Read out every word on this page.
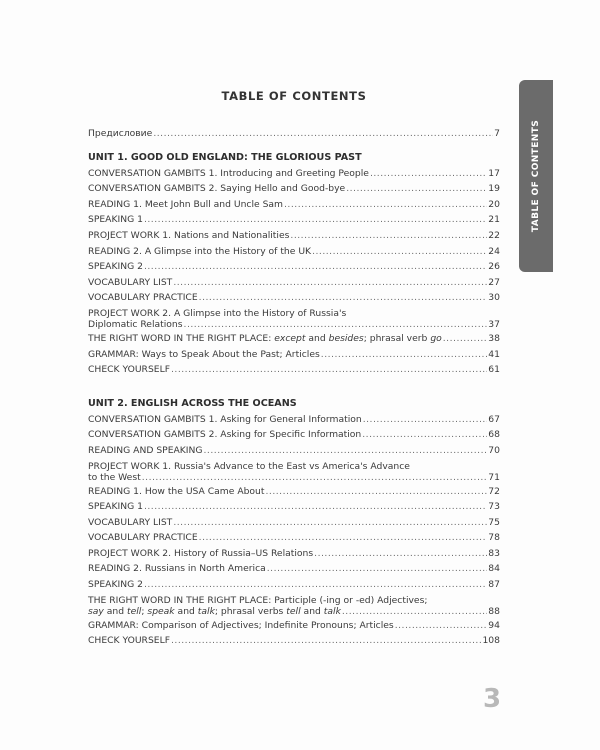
TABLE OF CONTENTS
Предисловие .....	7
UNIT 1. GOOD OLD ENGLAND: THE GLORIOUS PAST
CONVERSATION GAMBITS 1. Introducing and Greeting People .....	17
CONVERSATION GAMBITS 2. Saying Hello and Good-bye .....	19
READING 1. Meet John Bull and Uncle Sam .....	20
SPEAKING 1 .....	21
PROJECT WORK 1. Nations and Nationalities .....	22
READING 2. A Glimpse into the History of the UK .....	24
SPEAKING 2 .....	26
VOCABULARY LIST .....	27
VOCABULARY PRACTICE .....	30
PROJECT WORK 2. A Glimpse into the History of Russia's
Diplomatic Relations .....	37
THE RIGHT WORD IN THE RIGHT PLACE: except and besides; phrasal verb go .....	38
GRAMMAR: Ways to Speak About the Past; Articles .....	41
CHECK YOURSELF .....	61
UNIT 2. ENGLISH ACROSS THE OCEANS
CONVERSATION GAMBITS 1. Asking for General Information .....	67
CONVERSATION GAMBITS 2. Asking for Specific Information .....	68
READING AND SPEAKING .....	70
PROJECT WORK 1. Russia's Advance to the East vs America's Advance
to the West .....	71
READING 1. How the USA Came About .....	72
SPEAKING 1 .....	73
VOCABULARY LIST .....	75
VOCABULARY PRACTICE .....	78
PROJECT WORK 2. History of Russia–US Relations .....	83
READING 2. Russians in North America .....	84
SPEAKING 2 .....	87
THE RIGHT WORD IN THE RIGHT PLACE: Participle (-ing or -ed) Adjectives;
say and tell; speak and talk; phrasal verbs tell and talk .....	88
GRAMMAR: Comparison of Adjectives; Indefinite Pronouns; Articles .....	94
CHECK YOURSELF .....	108
TABLE OF CONTENTS
3
